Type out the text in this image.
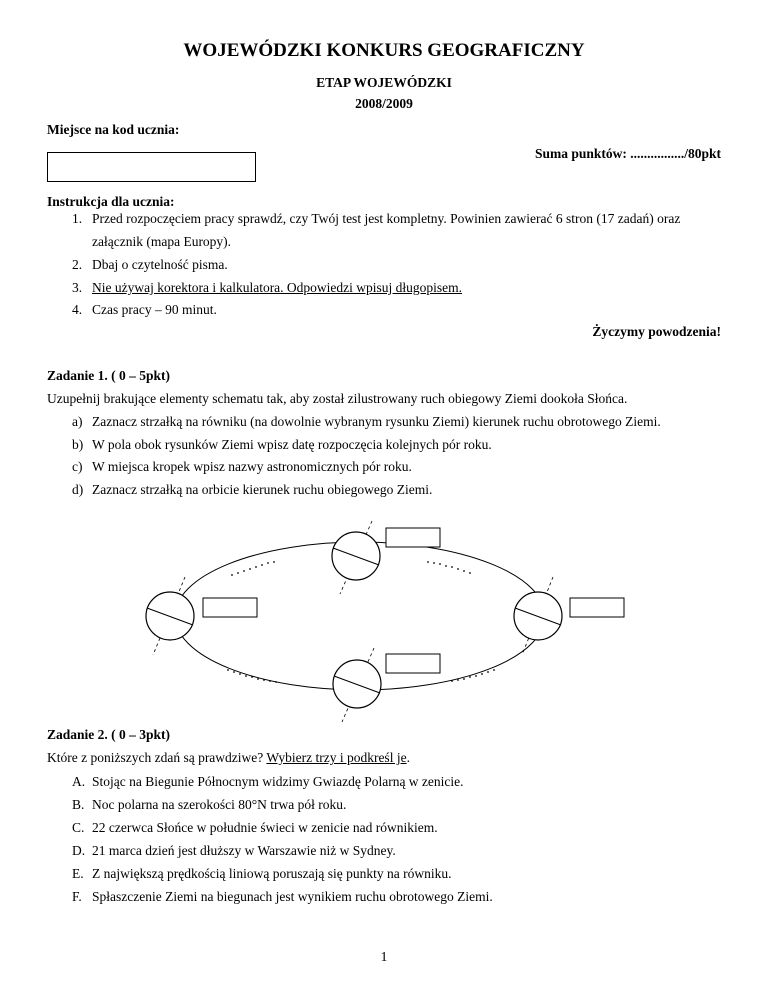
WOJEWÓDZKI KONKURS GEOGRAFICZNY
ETAP WOJEWÓDZKI
2008/2009
Miejsce na kod ucznia:
Suma punktów: ................/80pkt
Instrukcja dla ucznia:
1. Przed rozpoczęciem pracy sprawdź, czy Twój test jest kompletny. Powinien zawierać 6 stron (17 zadań) oraz
załącznik (mapa Europy).
2. Dbaj o czytelność pisma.
3. Nie używaj korektora i kalkulatora. Odpowiedzi wpisuj długopisem.
4. Czas pracy – 90 minut.
Życzymy powodzenia!
Zadanie 1. ( 0 – 5pkt)
Uzupełnij brakujące elementy schematu tak, aby został zilustrowany ruch obiegowy Ziemi dookoła Słońca.
a) Zaznacz strzałką na równiku (na dowolnie wybranym rysunku Ziemi) kierunek ruchu obrotowego Ziemi.
b) W pola obok rysunków Ziemi wpisz datę rozpoczęcia kolejnych pór roku.
c) W miejsca kropek wpisz nazwy astronomicznych pór roku.
d) Zaznacz strzałką na orbicie kierunek ruchu obiegowego Ziemi.
Zadanie 2. ( 0 – 3pkt)
Które z poniższych zdań są prawdziwe? Wybierz trzy i podkreśl je.
A. Stojąc na Biegunie Północnym widzimy Gwiazdę Polarną w zenicie.
B. Noc polarna na szerokości 80°N trwa pół roku.
C. 22 czerwca Słońce w południe świeci w zenicie nad równikiem.
D. 21 marca dzień jest dłuższy w Warszawie niż w Sydney.
E. Z największą prędkością liniową poruszają się punkty na równiku.
F. Spłaszczenie Ziemi na biegunach jest wynikiem ruchu obrotowego Ziemi.
1
